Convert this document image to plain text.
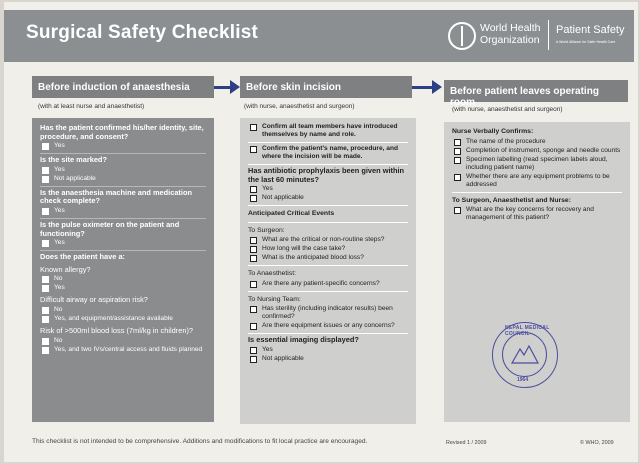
Surgical Safety Checklist	World Health
Organization
Patient Safety
A World Alliance for Safer Health Care
Before induction of anaesthesia	Before skin incision	Before patient leaves operating room
(with at least nurse and anaesthetist)	(with nurse, anaesthetist and surgeon)	(with nurse, anaesthetist and surgeon)
Has the patient confirmed his/her identity, site, procedure, and consent?
Yes
Is the site marked?
Yes
Not applicable
Is the anaesthesia machine and medication check complete?
Yes
Is the pulse oximeter on the patient and functioning?
Yes
Does the patient have a:
Known allergy?
No
Yes
Difficult airway or aspiration risk?
No
Yes, and equipment/assistance available
Risk of >500ml blood loss (7ml/kg in children)?
No
Yes, and two IVs/central access and fluids planned
Confirm all team members have introduced themselves by name and role.
Confirm the patient's name, procedure, and where the incision will be made.
Has antibiotic prophylaxis been given within the last 60 minutes?
Yes
Not applicable
Anticipated Critical Events
To Surgeon:
What are the critical or non-routine steps?
How long will the case take?
What is the anticipated blood loss?
To Anaesthetist:
Are there any patient-specific concerns?
To Nursing Team:
Has sterility (including indicator results) been confirmed?
Are there equipment issues or any concerns?
Is essential imaging displayed?
Yes
Not applicable
Nurse Verbally Confirms:
The name of the procedure
Completion of instrument, sponge and needle counts
Specimen labelling (read specimen labels aloud, including patient name)
Whether there are any equipment problems to be addressed
To Surgeon, Anaesthetist and Nurse:
What are the key concerns for recovery and management of this patient?
NEPAL MEDICAL COUNCIL
1964
This checklist is not intended to be comprehensive. Additions and modifications to fit local practice are encouraged.	Revised 1 / 2009	© WHO, 2009
